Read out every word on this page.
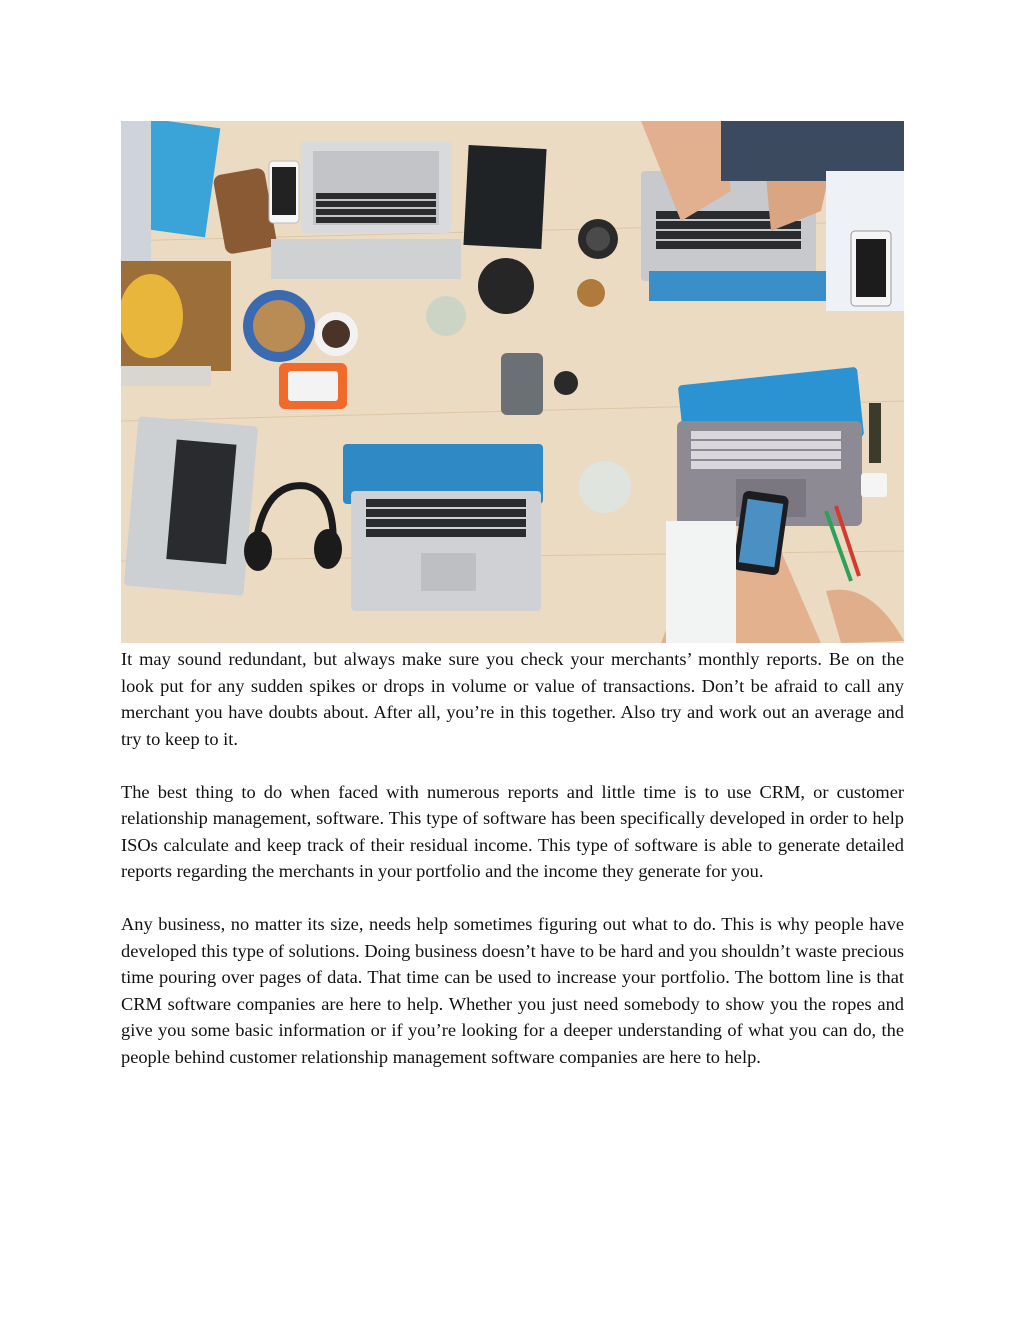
It may sound redundant, but always make sure you check your merchants’ monthly reports. Be on the look put for any sudden spikes or drops in volume or value of transactions. Don’t be afraid to call any merchant you have doubts about. After all, you’re in this together. Also try and work out an average and try to keep to it.

The best thing to do when faced with numerous reports and little time is to use CRM, or customer relationship management, software. This type of software has been specifically developed in order to help ISOs calculate and keep track of their residual income. This type of software is able to generate detailed reports regarding the merchants in your portfolio and the income they generate for you.

Any business, no matter its size, needs help sometimes figuring out what to do. This is why people have developed this type of solutions. Doing business doesn’t have to be hard and you shouldn’t waste precious time pouring over pages of data. That time can be used to increase your portfolio. The bottom line is that CRM software companies are here to help. Whether you just need somebody to show you the ropes and give you some basic information or if you’re looking for a deeper understanding of what you can do, the people behind customer relationship management software companies are here to help.
